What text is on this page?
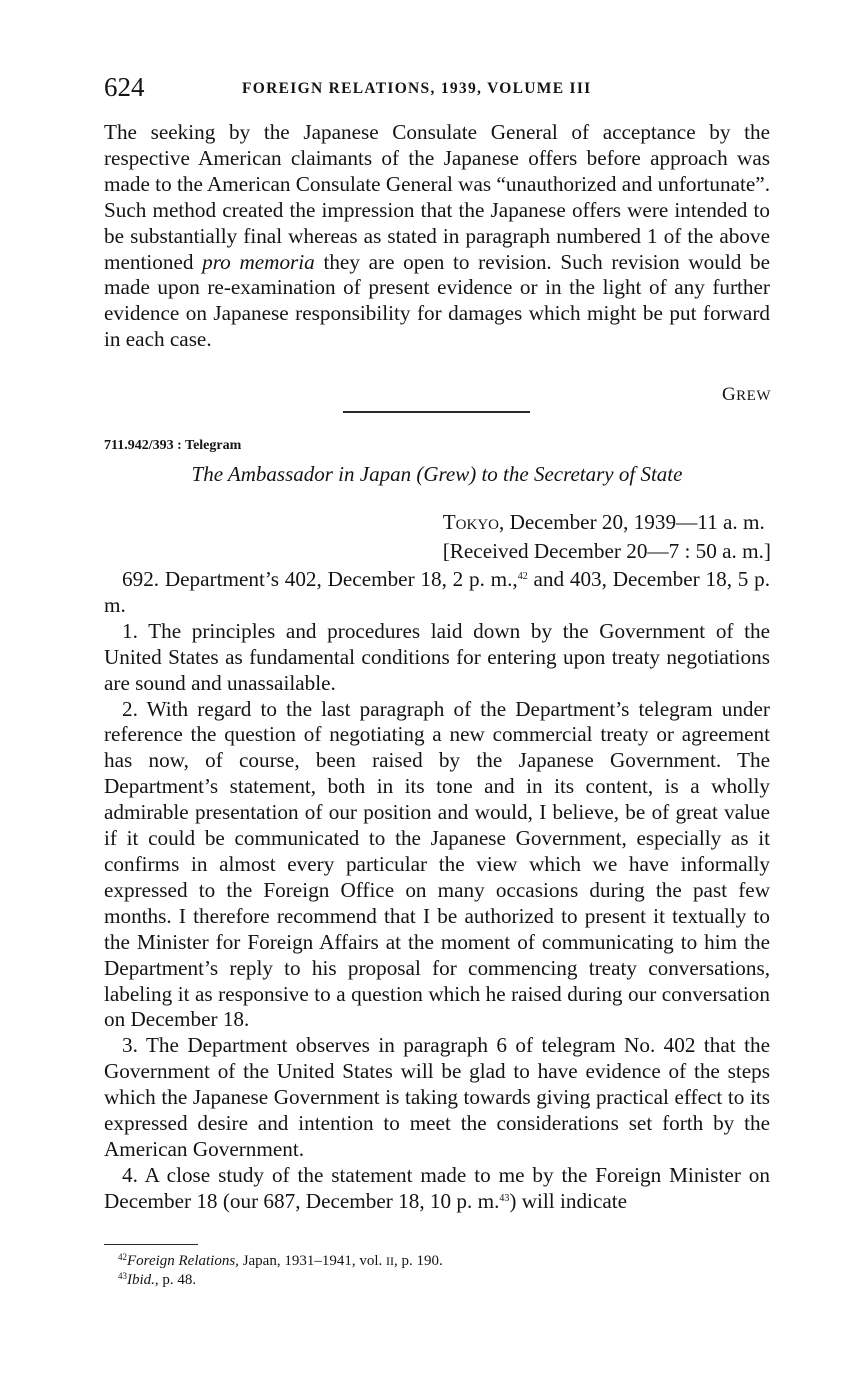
624	FOREIGN RELATIONS, 1939, VOLUME III

The seeking by the Japanese Consulate General of acceptance by the respective American claimants of the Japanese offers before approach was made to the American Consulate General was “unauthorized and unfortunate”. Such method created the impression that the Japanese offers were intended to be substantially final whereas as stated in paragraph numbered 1 of the above mentioned pro memoria they are open to revision. Such revision would be made upon re-examination of present evidence or in the light of any further evidence on Japanese responsibility for damages which might be put forward in each case.

GREW
711.942/393 : Telegram
The Ambassador in Japan (Grew) to the Secretary of State
TOKYO, December 20, 1939—11 a. m.
[Received December 20—7 : 50 a. m.]

692. Department’s 402, December 18, 2 p. m.,$^{42}$ and 403, December 18, 5 p. m.

1. The principles and procedures laid down by the Government of the United States as fundamental conditions for entering upon treaty negotiations are sound and unassailable.

2. With regard to the last paragraph of the Department’s telegram under reference the question of negotiating a new commercial treaty or agreement has now, of course, been raised by the Japanese Government. The Department’s statement, both in its tone and in its content, is a wholly admirable presentation of our position and would, I believe, be of great value if it could be communicated to the Japanese Government, especially as it confirms in almost every particular the view which we have informally expressed to the Foreign Office on many occasions during the past few months. I therefore recommend that I be authorized to present it textually to the Minister for Foreign Affairs at the moment of communicating to him the Department’s reply to his proposal for commencing treaty conversations, labeling it as responsive to a question which he raised during our conversation on December 18.

3. The Department observes in paragraph 6 of telegram No. 402 that the Government of the United States will be glad to have evidence of the steps which the Japanese Government is taking towards giving practical effect to its expressed desire and intention to meet the considerations set forth by the American Government.

4. A close study of the statement made to me by the Foreign Minister on December 18 (our 687, December 18, 10 p. m.$^{43}$) will indicate

$^{42}$Foreign Relations, Japan, 1931–1941, vol. II, p. 190.
$^{43}$Ibid., p. 48.
